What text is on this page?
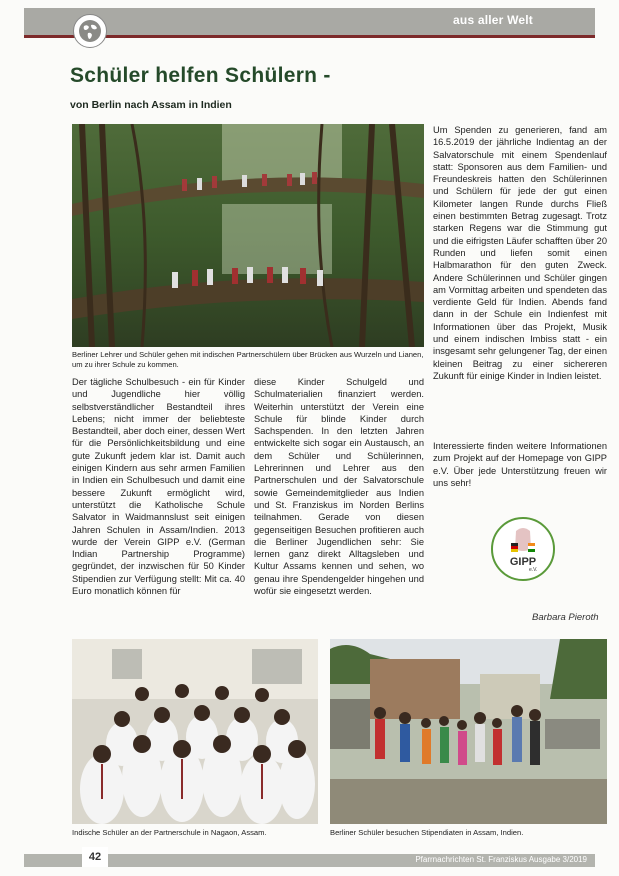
aus aller Welt
Schüler helfen Schülern -
von Berlin nach Assam in Indien
Berliner Lehrer und Schüler gehen mit indischen Partnerschülern über Brücken aus Wurzeln und Lianen, um zu ihrer Schule zu kommen.
Der tägliche Schulbesuch - ein für Kinder und Jugendliche hier völlig selbstverständlicher Bestandteil ihres Lebens; nicht immer der beliebteste Bestandteil, aber doch einer, dessen Wert für die Persönlichkeitsbildung und eine gute Zukunft jedem klar ist. Damit auch einigen Kindern aus sehr armen Familien in Indien ein Schulbesuch und damit eine bessere Zukunft ermöglicht wird, unterstützt die Katholische Schule Salvator in Waidmannslust seit einigen Jahren Schulen in Assam/Indien. 2013 wurde der Verein GIPP e.V. (German Indian Partnership Programme) gegründet, der inzwischen für 50 Kinder Stipendien zur Verfügung stellt: Mit ca. 40 Euro monatlich können für
diese Kinder Schulgeld und Schulmaterialien finanziert werden. Weiterhin unterstützt der Verein eine Schule für blinde Kinder durch Sachspenden. In den letzten Jahren entwickelte sich sogar ein Austausch, an dem Schüler und Schülerinnen, Lehrerinnen und Lehrer aus den Partnerschulen und der Salvatorschule sowie Gemeindemitglieder aus Indien und St. Franziskus im Norden Berlins teilnahmen. Gerade von diesen gegenseitigen Besuchen profitieren auch die Berliner Jugendlichen sehr: Sie lernen ganz direkt Alltagsleben und Kultur Assams kennen und sehen, wo genau ihre Spendengelder hingehen und wofür sie eingesetzt werden.
Um Spenden zu generieren, fand am 16.5.2019 der jährliche Indientag an der Salvatorschule mit einem Spendenlauf statt: Sponsoren aus dem Familien- und Freundeskreis hatten den Schülerinnen und Schülern für jede der gut einen Kilometer langen Runde durchs Fließ einen bestimmten Betrag zugesagt. Trotz starken Regens war die Stimmung gut und die eifrigsten Läufer schafften über 20 Runden und liefen somit einen Halbmarathon für den guten Zweck. Andere Schülerinnen und Schüler gingen am Vormittag arbeiten und spendeten das verdiente Geld für Indien. Abends fand dann in der Schule ein Indienfest mit Informationen über das Projekt, Musik und einem indischen Imbiss statt - ein insgesamt sehr gelungener Tag, der einen kleinen Beitrag zu einer sichereren Zukunft für einige Kinder in Indien leistet.
Interessierte finden weitere Informationen zum Projekt auf der Homepage von GIPP e.V. Über jede Unterstützung freuen wir uns sehr!
GIPP
e.V.
Barbara Pieroth
Indische Schüler an der Partnerschule in Nagaon, Assam.	Berliner Schüler besuchen Stipendiaten in Assam, Indien.
Pfarrnachrichten St. Franziskus Ausgabe 3/2019
42
